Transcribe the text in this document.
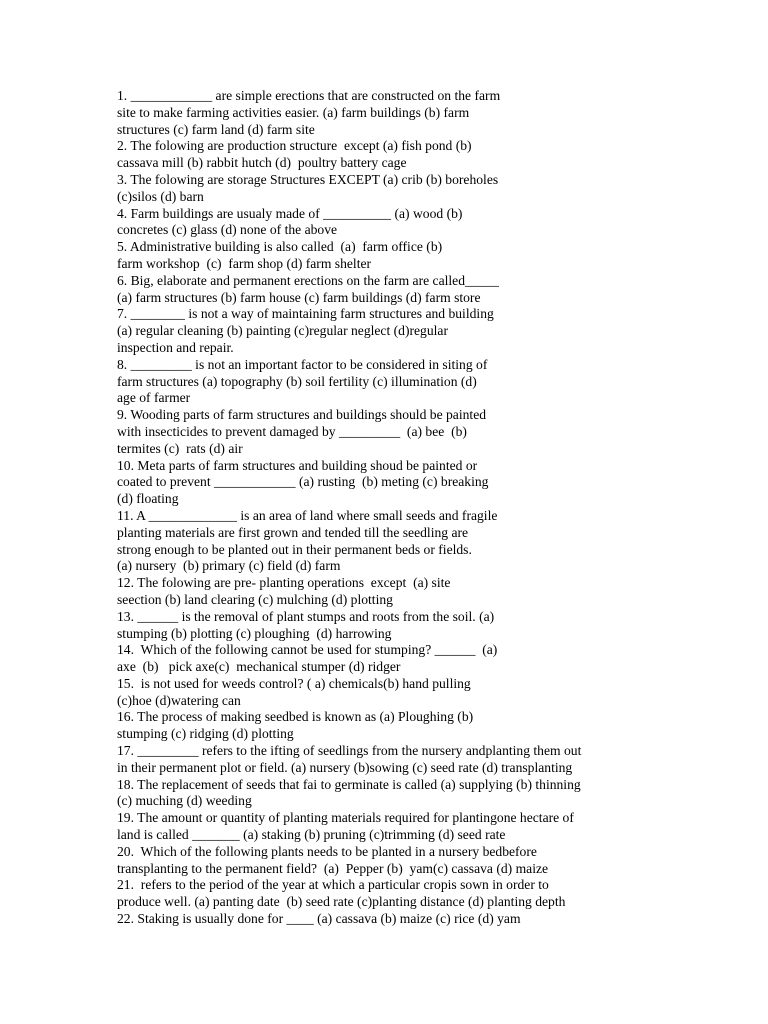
1. ____________ are simple erections that are constructed on the farm
site to make farming activities easier. (a) farm buildings (b) farm
structures (c) farm land (d) farm site
2. The folowing are production structure  except (a) fish pond (b)
cassava mill (b) rabbit hutch (d)  poultry battery cage
3. The folowing are storage Structures EXCEPT (a) crib (b) boreholes
(c)silos (d) barn
4. Farm buildings are usualy made of __________ (a) wood (b)
concretes (c) glass (d) none of the above
5. Administrative building is also called  (a)  farm office (b)
farm workshop  (c)  farm shop (d) farm shelter
6. Big, elaborate and permanent erections on the farm are called_____
(a) farm structures (b) farm house (c) farm buildings (d) farm store
7. ________ is not a way of maintaining farm structures and building
(a) regular cleaning (b) painting (c)regular neglect (d)regular
inspection and repair.
8. _________ is not an important factor to be considered in siting of
farm structures (a) topography (b) soil fertility (c) illumination (d)
age of farmer
9. Wooding parts of farm structures and buildings should be painted
with insecticides to prevent damaged by _________  (a) bee  (b)
termites (c)  rats (d) air
10. Meta parts of farm structures and building shoud be painted or
coated to prevent ____________ (a) rusting  (b) meting (c) breaking
(d) floating
11. A _____________ is an area of land where small seeds and fragile
planting materials are first grown and tended till the seedling are
strong enough to be planted out in their permanent beds or fields.
(a) nursery  (b) primary (c) field (d) farm
12. The folowing are pre- planting operations  except  (a) site
seection (b) land clearing (c) mulching (d) plotting
13. ______ is the removal of plant stumps and roots from the soil. (a)
stumping (b) plotting (c) ploughing  (d) harrowing
14.  Which of the following cannot be used for stumping? ______  (a)
axe  (b)   pick axe(c)  mechanical stumper (d) ridger
15.  is not used for weeds control? ( a) chemicals(b) hand pulling
(c)hoe (d)watering can
16. The process of making seedbed is known as (a) Ploughing (b)
stumping (c) ridging (d) plotting
17. _________ refers to the ifting of seedlings from the nursery andplanting them out
in their permanent plot or field. (a) nursery (b)sowing (c) seed rate (d) transplanting
18. The replacement of seeds that fai to germinate is called (a) supplying (b) thinning
(c) muching (d) weeding
19. The amount or quantity of planting materials required for plantingone hectare of
land is called _______ (a) staking (b) pruning (c)trimming (d) seed rate
20.  Which of the following plants needs to be planted in a nursery bedbefore
transplanting to the permanent field?  (a)  Pepper (b)  yam(c) cassava (d) maize
21.  refers to the period of the year at which a particular cropis sown in order to
produce well. (a) panting date  (b) seed rate (c)planting distance (d) planting depth
22. Staking is usually done for ____ (a) cassava (b) maize (c) rice (d) yam
